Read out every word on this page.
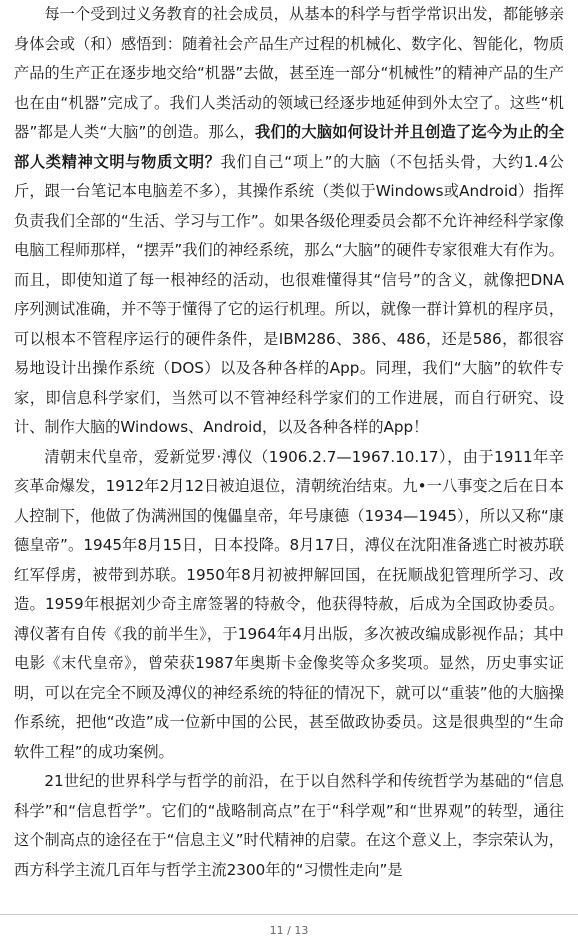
每一个受到过义务教育的社会成员，从基本的科学与哲学常识出发，都能够亲身体会或（和）感悟到：随着社会产品生产过程的机械化、数字化、智能化，物质产品的生产正在逐步地交给“机器”去做，甚至连一部分“机械性”的精神产品的生产也在由“机器”完成了。我们人类活动的领域已经逐步地延伸到外太空了。这些“机器”都是人类“大脑”的创造。那么，我们的大脑如何设计并且创造了迄今为止的全部人类精神文明与物质文明？我们自己“项上”的大脑（不包括头骨，大约1.4公斤，跟一台笔记本电脑差不多），其操作系统（类似于Windows或Android）指挥负责我们全部的“生活、学习与工作”。如果各级伦理委员会都不允许神经科学家像电脑工程师那样，“摆弄”我们的神经系统，那么“大脑”的硬件专家很难大有作为。而且，即使知道了每一根神经的活动，也很难懂得其“信号”的含义，就像把DNA序列测试准确，并不等于懂得了它的运行机理。所以，就像一群计算机的程序员，可以根本不管程序运行的硬件条件，是IBM286、386、486，还是586，都很容易地设计出操作系统（DOS）以及各种各样的App。同理，我们“大脑”的软件专家，即信息科学家们，当然可以不管神经科学家们的工作进展，而自行研究、设计、制作大脑的Windows、Android，以及各种各样的App！

清朝末代皇帝，爱新觉罗·溥仪（1906.2.7—1967.10.17），由于1911年辛亥革命爆发，1912年2月12日被迫退位，清朝统治结束。九•一八事变之后在日本人控制下，他做了伪满洲国的傀儡皇帝，年号康德（1934—1945），所以又称“康德皇帝”。1945年8月15日，日本投降。8月17日，溥仪在沈阳准备逃亡时被苏联红军俘虏，被带到苏联。1950年8月初被押解回国，在抚顺战犯管理所学习、改造。1959年根据刘少奇主席签署的特赦令，他获得特赦，后成为全国政协委员。溥仪著有自传《我的前半生》，于1964年4月出版，多次被改编成影视作品；其中电影《末代皇帝》，曾荣获1987年奥斯卡金像奖等众多奖项。显然，历史事实证明，可以在完全不顾及溥仪的神经系统的特征的情况下，就可以“重装”他的大脑操作系统，把他“改造”成一位新中国的公民，甚至做政协委员。这是很典型的“生命软件工程”的成功案例。

21世纪的世界科学与哲学的前沿，在于以自然科学和传统哲学为基础的“信息科学”和“信息哲学”。它们的“战略制高点”在于“科学观”和“世界观”的转型，通往这个制高点的途径在于“信息主义”时代精神的启蒙。在这个意义上，李宗荣认为，西方科学主流几百年与哲学主流2300年的“习惯性走向”是

11 / 13
